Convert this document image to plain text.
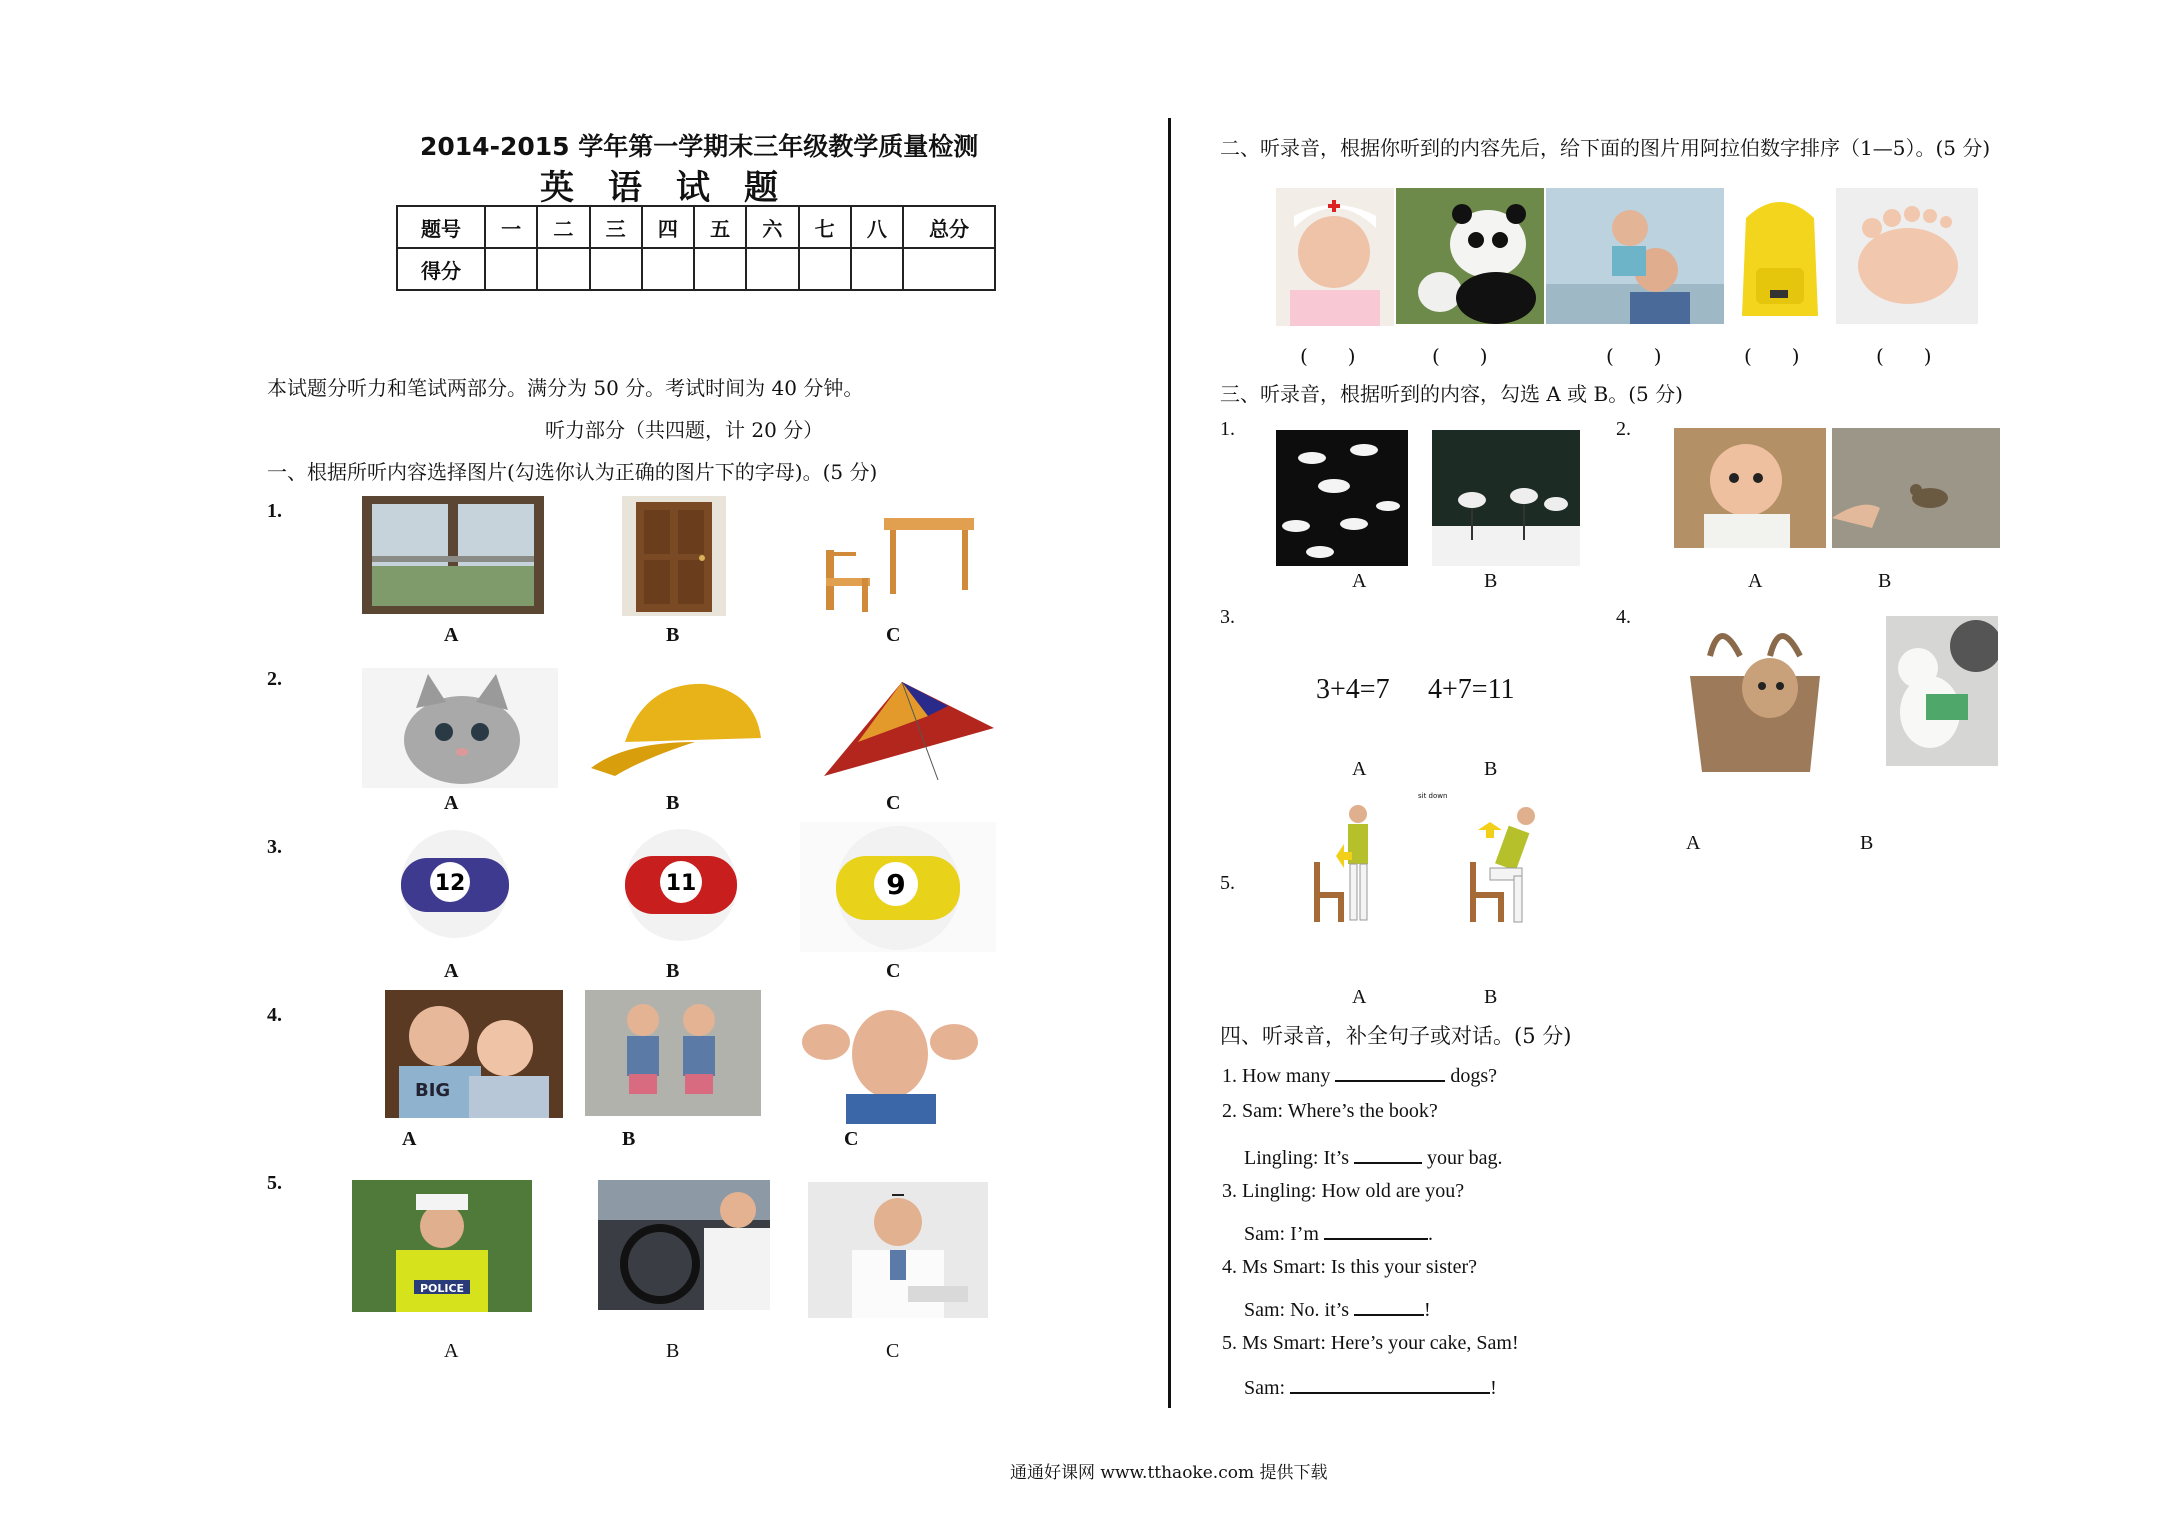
2014-2015 学年第一学期末三年级教学质量检测
英　语　试　题
题号	一	二	三	四	五	六	七	八	总分
得分									
本试题分听力和笔试两部分。满分为 50 分。考试时间为 40 分钟。
听力部分（共四题，计 20 分）
一、根据所听内容选择图片(勾选你认为正确的图片下的字母)。(5 分)
1.
A	B	C
2.
A	B	C
3.
12	11	9
A	B	C
4.
BIG
A	B	C
5.
POLICE
A	B	C
二、听录音，根据你听到的内容先后，给下面的图片用阿拉伯数字排序（1—5）。(5 分)
(　　)	(　　)	(　　)	(　　)	(　　)
三、听录音，根据听到的内容，勾选 A 或 B。(5 分)
1.
A	B
2.
A	B
3.
3+4=7 4+7=11
A	B
4.
A	B
5.
sit down
A	B
四、听录音，补全句子或对话。(5 分)
1. How many	dogs?
2. Sam: Where’s the book?
Lingling: It’s	your bag.
3. Lingling: How old are you?
Sam: I’m	.
4. Ms Smart: Is this your sister?
Sam: No. it’s	!
5. Ms Smart: Here’s your cake, Sam!
Sam:	!
通通好课网 www.tthaoke.com 提供下载
